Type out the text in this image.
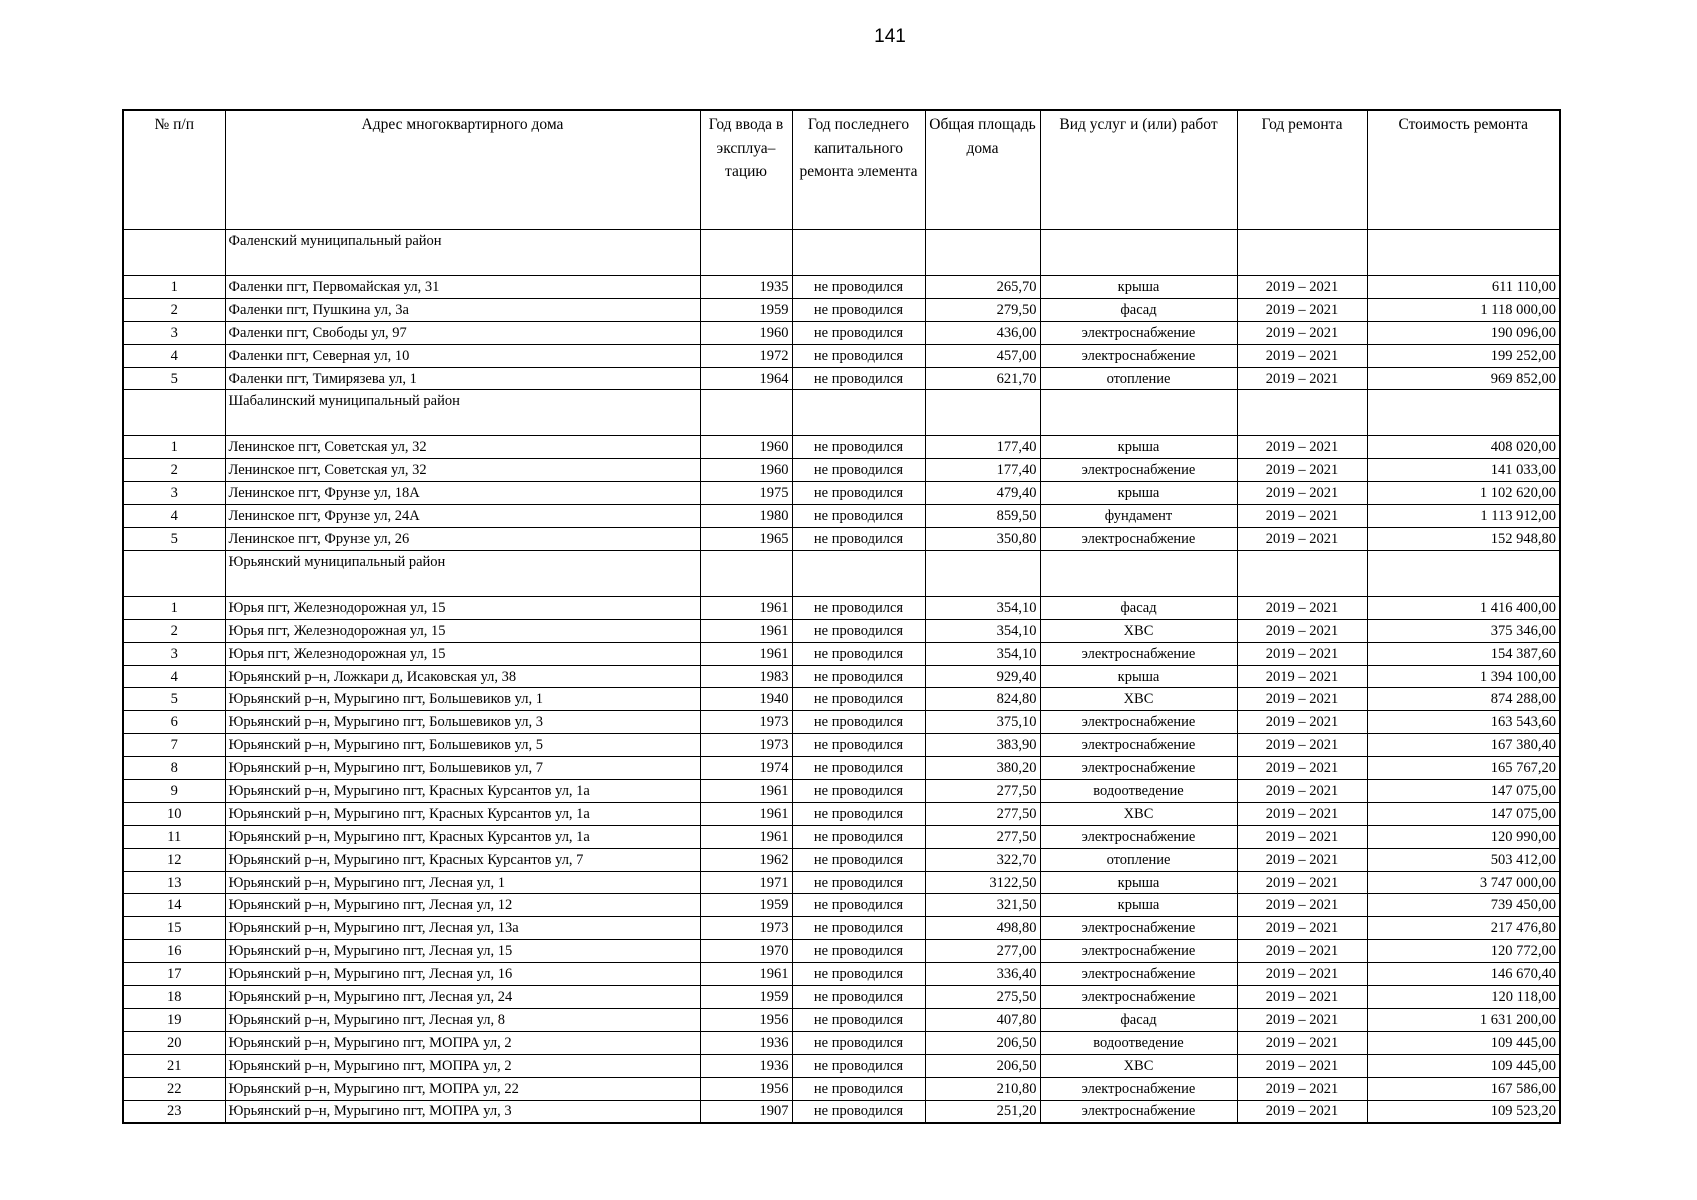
141
№ п/п	Адрес многоквартирного дома	Год ввода в эксплуа–тацию	Год последнего капитального ремонта элемента	Общая площадь дома	Вид услуг и (или) работ	Год ремонта	Стоимость ремонта
	Фаленский муниципальный район						
1	Фаленки пгт, Первомайская ул, 31	1935	не проводился	265,70	крыша	2019 – 2021	611 110,00
2	Фаленки пгт, Пушкина ул, 3а	1959	не проводился	279,50	фасад	2019 – 2021	1 118 000,00
3	Фаленки пгт, Свободы ул, 97	1960	не проводился	436,00	электроснабжение	2019 – 2021	190 096,00
4	Фаленки пгт, Северная ул, 10	1972	не проводился	457,00	электроснабжение	2019 – 2021	199 252,00
5	Фаленки пгт, Тимирязева ул, 1	1964	не проводился	621,70	отопление	2019 – 2021	969 852,00
	Шабалинский муниципальный район						
1	Ленинское пгт, Советская ул, 32	1960	не проводился	177,40	крыша	2019 – 2021	408 020,00
2	Ленинское пгт, Советская ул, 32	1960	не проводился	177,40	электроснабжение	2019 – 2021	141 033,00
3	Ленинское пгт, Фрунзе ул, 18А	1975	не проводился	479,40	крыша	2019 – 2021	1 102 620,00
4	Ленинское пгт, Фрунзе ул, 24А	1980	не проводился	859,50	фундамент	2019 – 2021	1 113 912,00
5	Ленинское пгт, Фрунзе ул, 26	1965	не проводился	350,80	электроснабжение	2019 – 2021	152 948,80
	Юрьянский муниципальный район						
1	Юрья пгт, Железнодорожная ул, 15	1961	не проводился	354,10	фасад	2019 – 2021	1 416 400,00
2	Юрья пгт, Железнодорожная ул, 15	1961	не проводился	354,10	ХВС	2019 – 2021	375 346,00
3	Юрья пгт, Железнодорожная ул, 15	1961	не проводился	354,10	электроснабжение	2019 – 2021	154 387,60
4	Юрьянский р–н, Ложкари д, Исаковская ул, 38	1983	не проводился	929,40	крыша	2019 – 2021	1 394 100,00
5	Юрьянский р–н, Мурыгино пгт, Большевиков ул, 1	1940	не проводился	824,80	ХВС	2019 – 2021	874 288,00
6	Юрьянский р–н, Мурыгино пгт, Большевиков ул, 3	1973	не проводился	375,10	электроснабжение	2019 – 2021	163 543,60
7	Юрьянский р–н, Мурыгино пгт, Большевиков ул, 5	1973	не проводился	383,90	электроснабжение	2019 – 2021	167 380,40
8	Юрьянский р–н, Мурыгино пгт, Большевиков ул, 7	1974	не проводился	380,20	электроснабжение	2019 – 2021	165 767,20
9	Юрьянский р–н, Мурыгино пгт, Красных Курсантов ул, 1а	1961	не проводился	277,50	водоотведение	2019 – 2021	147 075,00
10	Юрьянский р–н, Мурыгино пгт, Красных Курсантов ул, 1а	1961	не проводился	277,50	ХВС	2019 – 2021	147 075,00
11	Юрьянский р–н, Мурыгино пгт, Красных Курсантов ул, 1а	1961	не проводился	277,50	электроснабжение	2019 – 2021	120 990,00
12	Юрьянский р–н, Мурыгино пгт, Красных Курсантов ул, 7	1962	не проводился	322,70	отопление	2019 – 2021	503 412,00
13	Юрьянский р–н, Мурыгино пгт, Лесная ул, 1	1971	не проводился	3122,50	крыша	2019 – 2021	3 747 000,00
14	Юрьянский р–н, Мурыгино пгт, Лесная ул, 12	1959	не проводился	321,50	крыша	2019 – 2021	739 450,00
15	Юрьянский р–н, Мурыгино пгт, Лесная ул, 13а	1973	не проводился	498,80	электроснабжение	2019 – 2021	217 476,80
16	Юрьянский р–н, Мурыгино пгт, Лесная ул, 15	1970	не проводился	277,00	электроснабжение	2019 – 2021	120 772,00
17	Юрьянский р–н, Мурыгино пгт, Лесная ул, 16	1961	не проводился	336,40	электроснабжение	2019 – 2021	146 670,40
18	Юрьянский р–н, Мурыгино пгт, Лесная ул, 24	1959	не проводился	275,50	электроснабжение	2019 – 2021	120 118,00
19	Юрьянский р–н, Мурыгино пгт, Лесная ул, 8	1956	не проводился	407,80	фасад	2019 – 2021	1 631 200,00
20	Юрьянский р–н, Мурыгино пгт, МОПРА ул, 2	1936	не проводился	206,50	водоотведение	2019 – 2021	109 445,00
21	Юрьянский р–н, Мурыгино пгт, МОПРА ул, 2	1936	не проводился	206,50	ХВС	2019 – 2021	109 445,00
22	Юрьянский р–н, Мурыгино пгт, МОПРА ул, 22	1956	не проводился	210,80	электроснабжение	2019 – 2021	167 586,00
23	Юрьянский р–н, Мурыгино пгт, МОПРА ул, 3	1907	не проводился	251,20	электроснабжение	2019 – 2021	109 523,20
